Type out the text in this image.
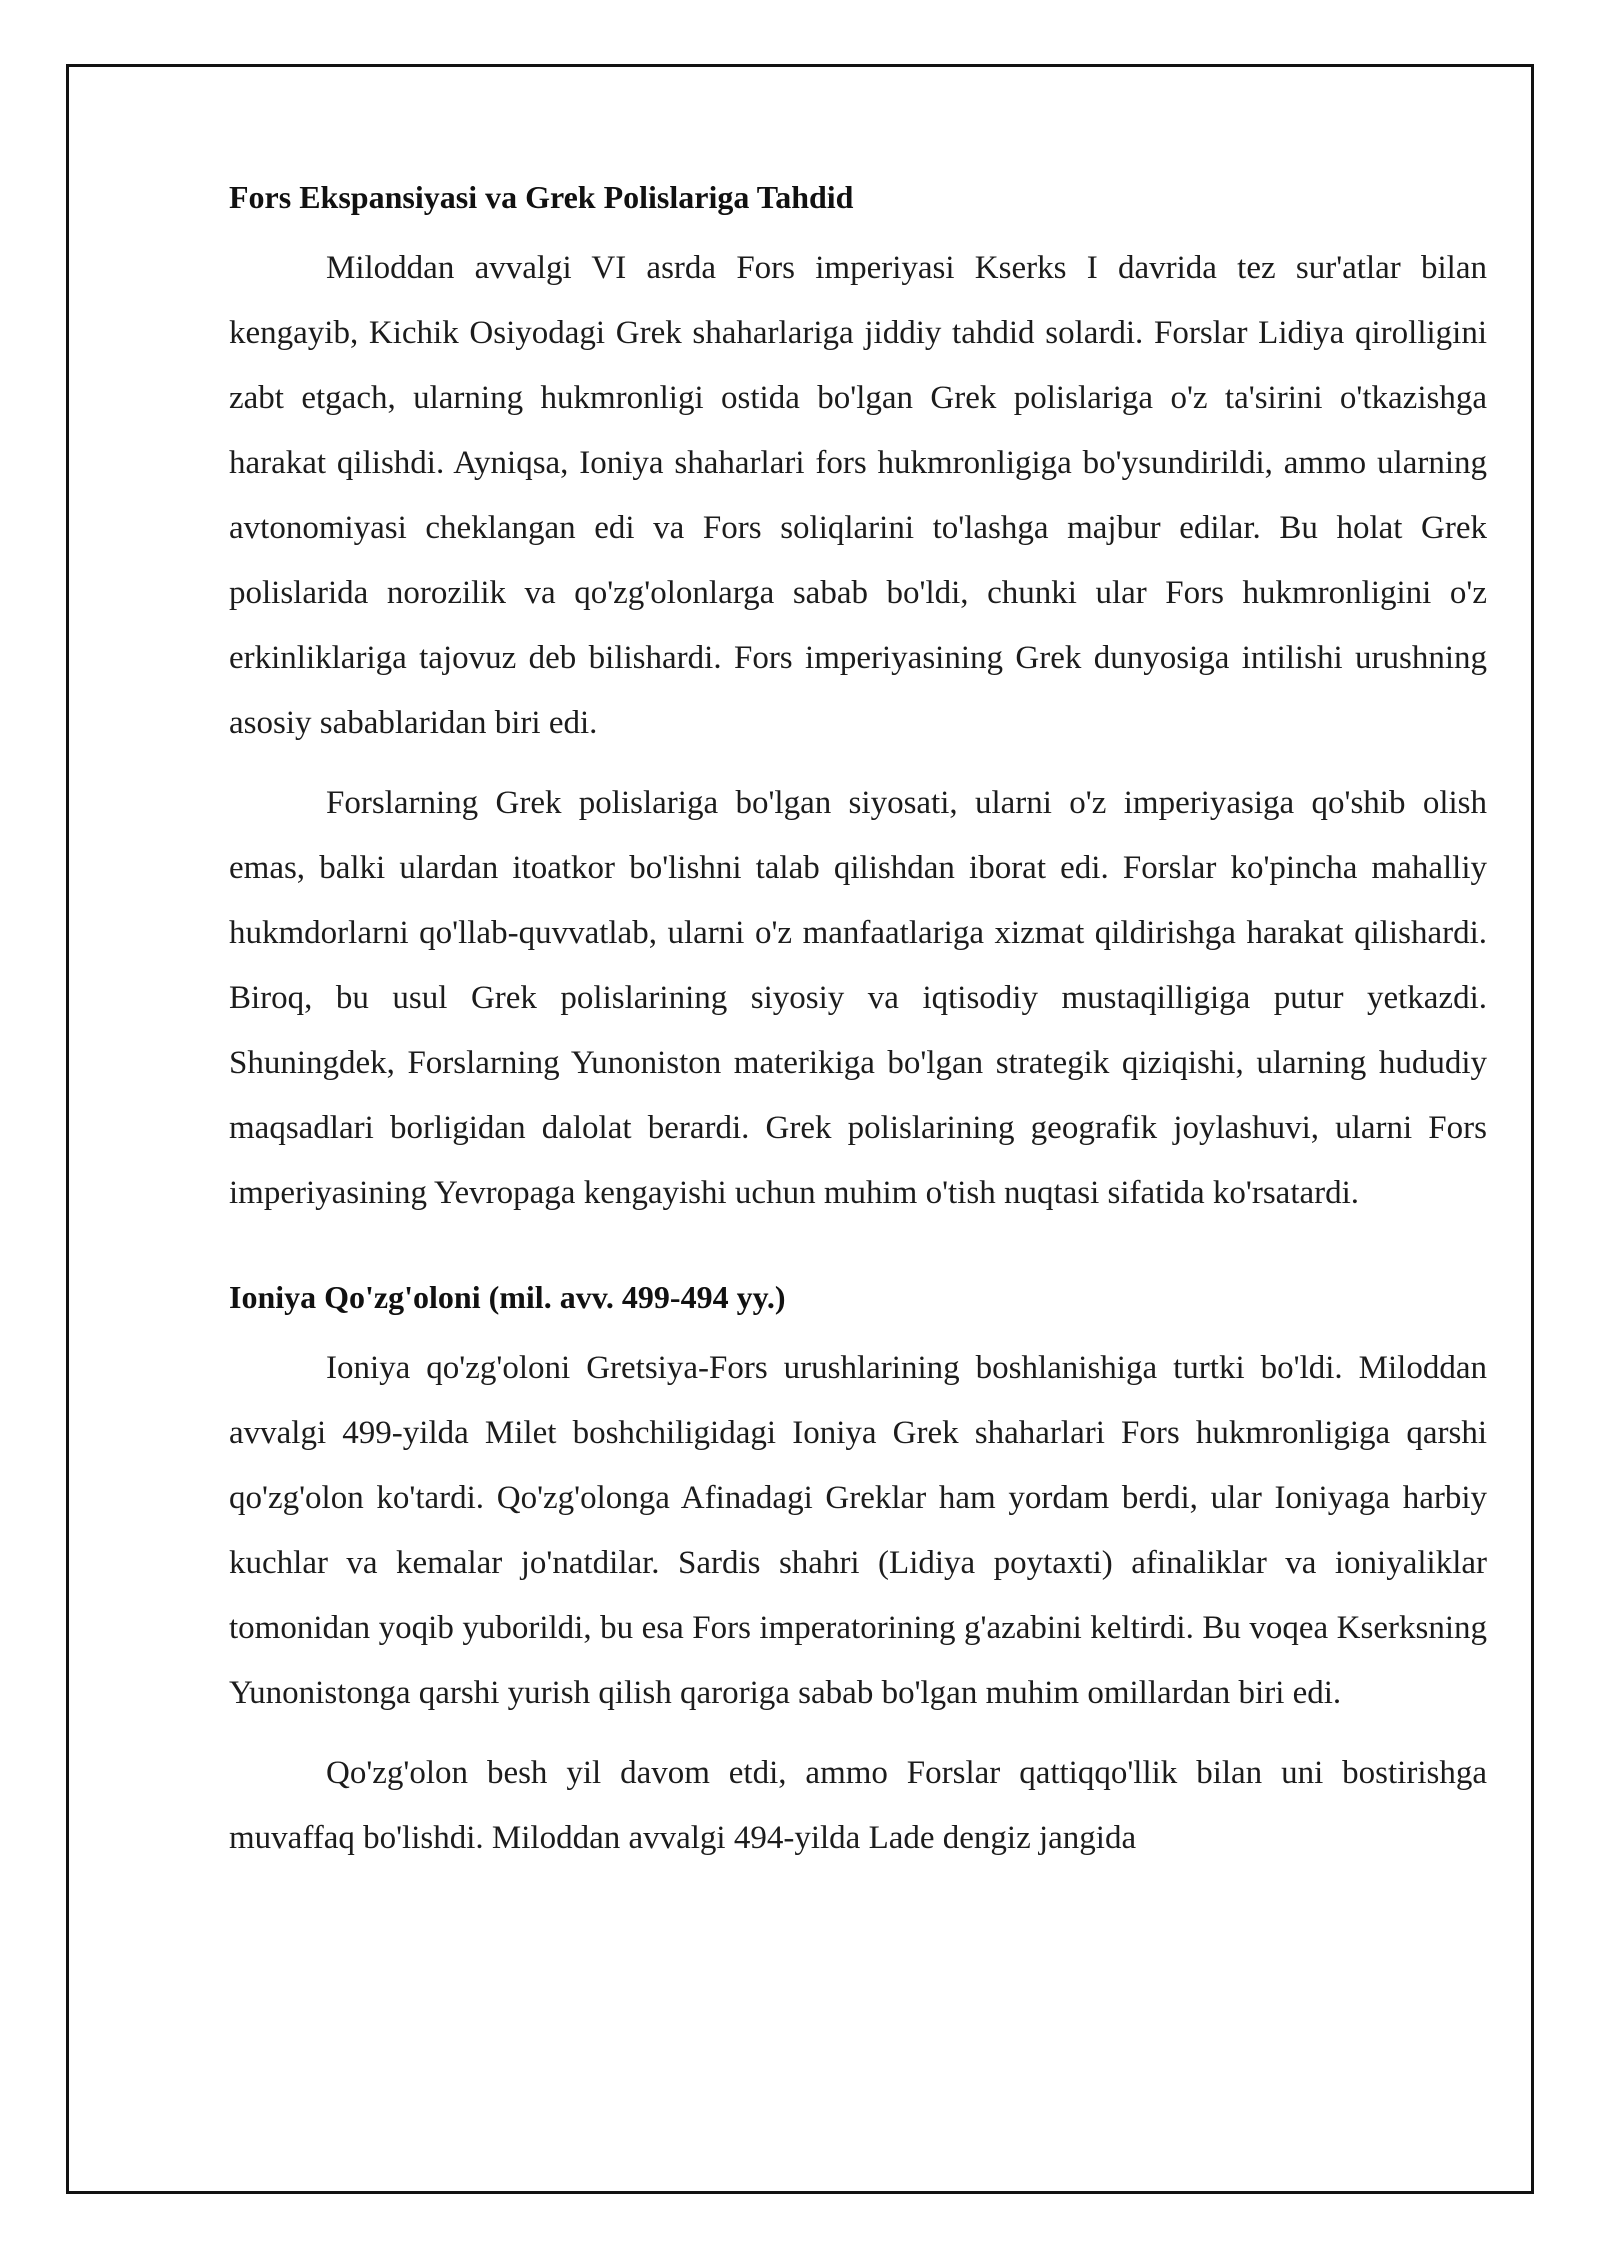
Fors Ekspansiyasi va Grek Polislariga Tahdid

Miloddan avvalgi VI asrda Fors imperiyasi Kserks I davrida tez sur'atlar bilan kengayib, Kichik Osiyodagi Grek shaharlariga jiddiy tahdid solardi. Forslar Lidiya qirolligini zabt etgach, ularning hukmronligi ostida bo'lgan Grek polislariga o'z ta'sirini o'tkazishga harakat qilishdi. Ayniqsa, Ioniya shaharlari fors hukmronligiga bo'ysundirildi, ammo ularning avtonomiyasi cheklangan edi va Fors soliqlarini to'lashga majbur edilar. Bu holat Grek polislarida norozilik va qo'zg'olonlarga sabab bo'ldi, chunki ular Fors hukmronligini o'z erkinliklariga tajovuz deb bilishardi. Fors imperiyasining Grek dunyosiga intilishi urushning asosiy sabablaridan biri edi.

Forslarning Grek polislariga bo'lgan siyosati, ularni o'z imperiyasiga qo'shib olish emas, balki ulardan itoatkor bo'lishni talab qilishdan iborat edi. Forslar ko'pincha mahalliy hukmdorlarni qo'llab-quvvatlab, ularni o'z manfaatlariga xizmat qildirishga harakat qilishardi. Biroq, bu usul Grek polislarining siyosiy va iqtisodiy mustaqilligiga putur yetkazdi. Shuningdek, Forslarning Yunoniston materikiga bo'lgan strategik qiziqishi, ularning hududiy maqsadlari borligidan dalolat berardi. Grek polislarining geografik joylashuvi, ularni Fors imperiyasining Yevropaga kengayishi uchun muhim o'tish nuqtasi sifatida ko'rsatardi.

Ioniya Qo'zg'oloni (mil. avv. 499-494 yy.)

Ioniya qo'zg'oloni Gretsiya-Fors urushlarining boshlanishiga turtki bo'ldi. Miloddan avvalgi 499-yilda Milet boshchiligidagi Ioniya Grek shaharlari Fors hukmronligiga qarshi qo'zg'olon ko'tardi. Qo'zg'olonga Afinadagi Greklar ham yordam berdi, ular Ioniyaga harbiy kuchlar va kemalar jo'natdilar. Sardis shahri (Lidiya poytaxti) afinaliklar va ioniyaliklar tomonidan yoqib yuborildi, bu esa Fors imperatorining g'azabini keltirdi. Bu voqea Kserksning Yunonistonga qarshi yurish qilish qaroriga sabab bo'lgan muhim omillardan biri edi.

Qo'zg'olon besh yil davom etdi, ammo Forslar qattiqqo'llik bilan uni bostirishga muvaffaq bo'lishdi. Miloddan avvalgi 494-yilda Lade dengiz jangida
